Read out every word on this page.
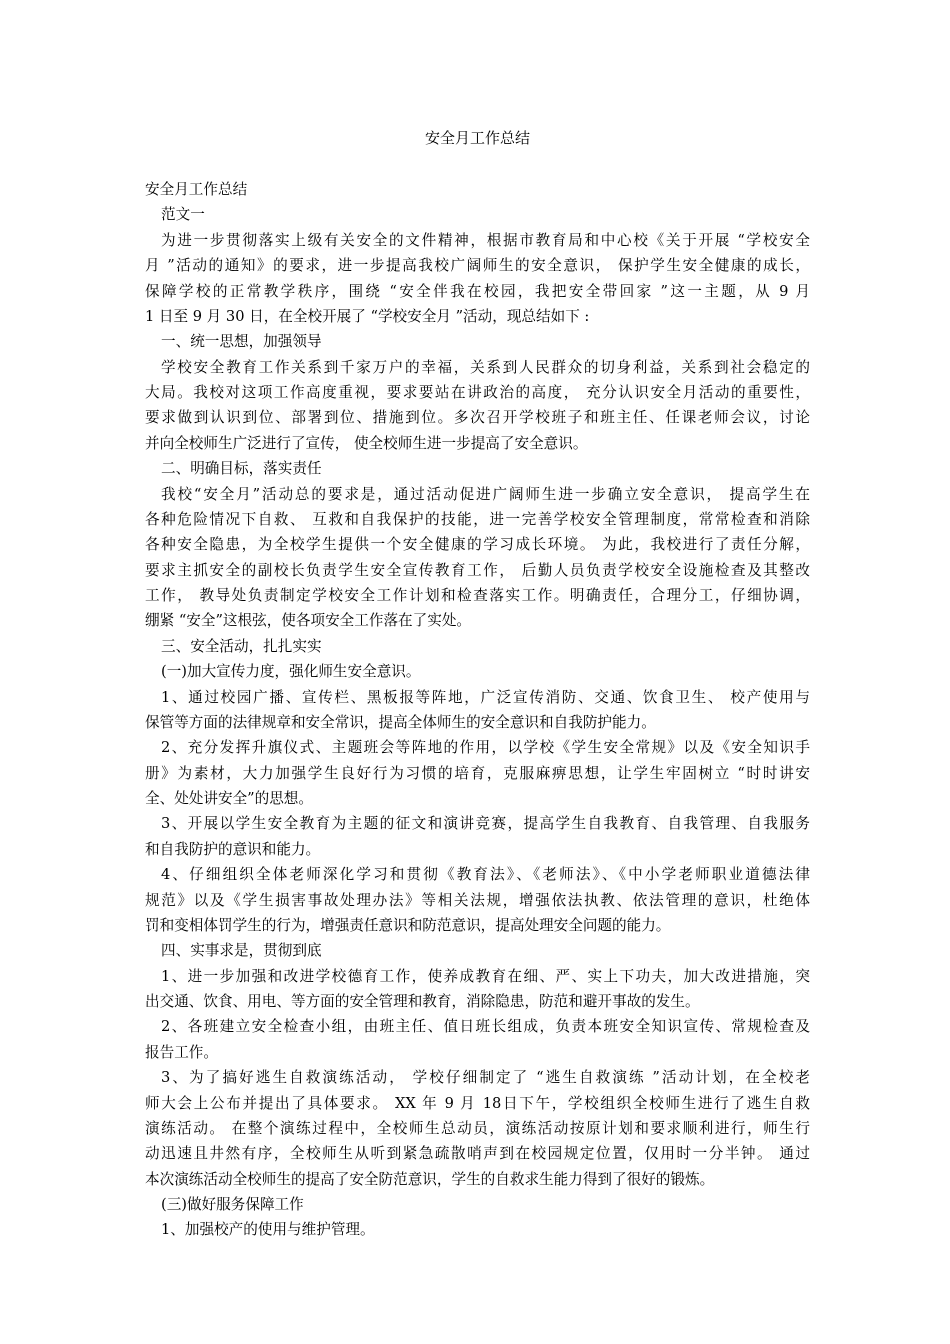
安全月工作总结
安全月工作总结
范文一
为进一步贯彻落实上级有关安全的文件精神，根据市教育局和中心校《关于开展 “学校安全
月 ”活动的通知》的要求，进一步提高我校广阔师生的安全意识， 保护学生安全健康的成长，
保障学校的正常教学秩序，围绕 “安全伴我在校园，我把安全带回家 ”这一主题，从 9 月
1 日至 9 月 30 日，在全校开展了 “学校安全月 ”活动，现总结如下 :
一、统一思想，加强领导
学校安全教育工作关系到千家万户的幸福，关系到人民群众的切身利益，关系到社会稳定的
大局。我校对这项工作高度重视，要求要站在讲政治的高度， 充分认识安全月活动的重要性，
要求做到认识到位、部署到位、措施到位。多次召开学校班子和班主任、任课老师会议，讨论
并向全校师生广泛进行了宣传， 使全校师生进一步提高了安全意识。
二、明确目标，落实责任
我校“安全月”活动总的要求是，通过活动促进广阔师生进一步确立安全意识， 提高学生在
各种危险情况下自救、 互救和自我保护的技能，进一完善学校安全管理制度，常常检查和消除
各种安全隐患，为全校学生提供一个安全健康的学习成长环境。 为此，我校进行了责任分解，
要求主抓安全的副校长负责学生安全宣传教育工作， 后勤人员负责学校安全设施检查及其整改
工作， 教导处负责制定学校安全工作计划和检查落实工作。明确责任，合理分工，仔细协调，
绷紧 “安全”这根弦，使各项安全工作落在了实处。
三、安全活动，扎扎实实
(一)加大宣传力度，强化师生安全意识。
1、通过校园广播、宣传栏、黑板报等阵地，广泛宣传消防、交通、饮食卫生、 校产使用与
保管等方面的法律规章和安全常识，提高全体师生的安全意识和自我防护能力。
2、充分发挥升旗仪式、主题班会等阵地的作用，以学校《学生安全常规》以及《安全知识手
册》为素材，大力加强学生良好行为习惯的培育，克服麻痹思想，让学生牢固树立 “时时讲安
全、处处讲安全”的思想。
3、开展以学生安全教育为主题的征文和演讲竞赛，提高学生自我教育、自我管理、自我服务
和自我防护的意识和能力。
4、仔细组织全体老师深化学习和贯彻《教育法》、《老师法》、《中小学老师职业道德法律
规范》以及《学生损害事故处理办法》等相关法规，增强依法执教、依法管理的意识，杜绝体
罚和变相体罚学生的行为，增强责任意识和防范意识，提高处理安全问题的能力。
四、实事求是，贯彻到底
1、进一步加强和改进学校德育工作，使养成教育在细、严、实上下功夫，加大改进措施，突
出交通、饮食、用电、等方面的安全管理和教育，消除隐患，防范和避开事故的发生。
2、各班建立安全检查小组，由班主任、值日班长组成，负责本班安全知识宣传、常规检查及
报告工作。
3、为了搞好逃生自救演练活动， 学校仔细制定了 “逃生自救演练 ”活动计划，在全校老
师大会上公布并提出了具体要求。 XX 年 9 月 18日下午，学校组织全校师生进行了逃生自救
演练活动。 在整个演练过程中，全校师生总动员，演练活动按原计划和要求顺利进行，师生行
动迅速且井然有序，全校师生从听到紧急疏散哨声到在校园规定位置，仅用时一分半钟。 通过
本次演练活动全校师生的提高了安全防范意识，学生的自救求生能力得到了很好的锻炼。
(三)做好服务保障工作
1、加强校产的使用与维护管理。
